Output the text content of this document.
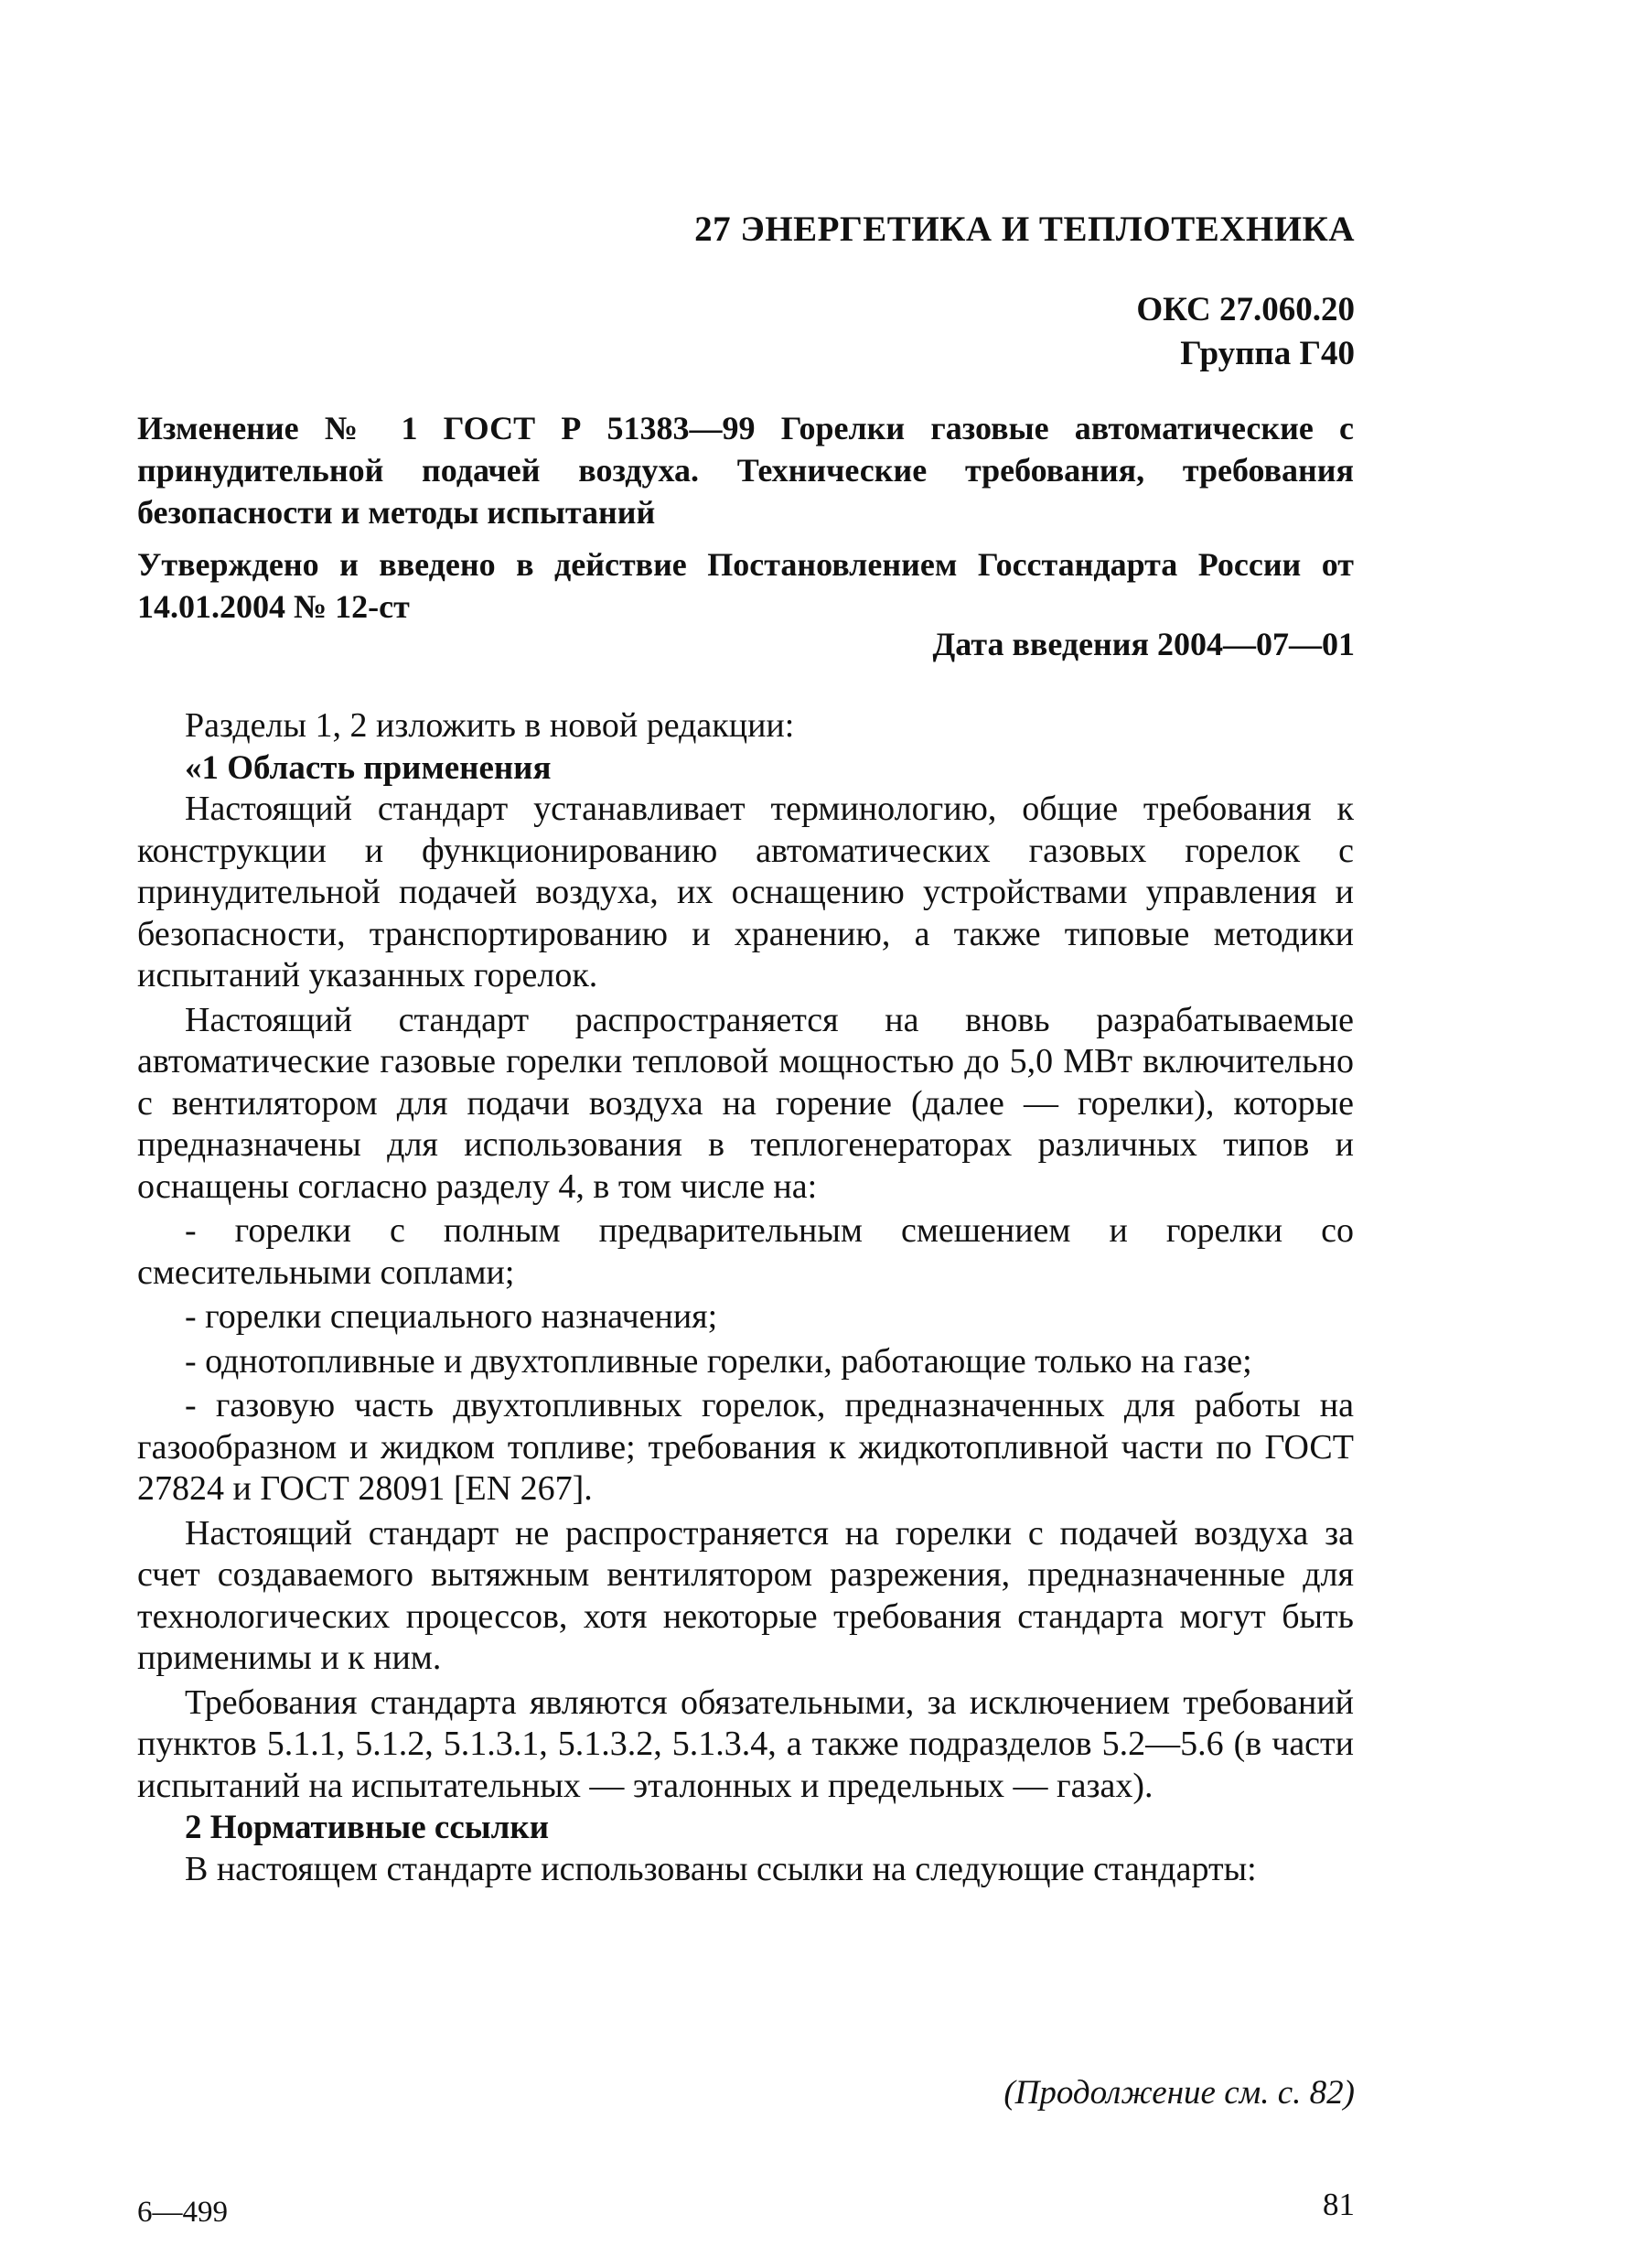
27 ЭНЕРГЕТИКА И ТЕПЛОТЕХНИКА
ОКС 27.060.20
Группа Г40
Изменение № 1 ГОСТ Р 51383—99 Горелки газовые автоматические с принудительной подачей воздуха. Технические требования, требования безопасности и методы испытаний
Утверждено и введено в действие Постановлением Госстандарта России от 14.01.2004 № 12-ст
Дата введения 2004—07—01

Разделы 1, 2 изложить в новой редакции:

«1 Область применения

Настоящий стандарт устанавливает терминологию, общие требования к конструкции и функционированию автоматических газовых горелок с принудительной подачей воздуха, их оснащению устройствами управления и безопасности, транспортированию и хранению, а также типовые методики испытаний указанных горелок.

Настоящий стандарт распространяется на вновь разрабатываемые автоматические газовые горелки тепловой мощностью до 5,0 МВт включительно с вентилятором для подачи воздуха на горение (далее — горелки), которые предназначены для использования в теплогенераторах различных типов и оснащены согласно разделу 4, в том числе на:

- горелки с полным предварительным смешением и горелки со смесительными соплами;

- горелки специального назначения;

- однотопливные и двухтопливные горелки, работающие только на газе;

- газовую часть двухтопливных горелок, предназначенных для работы на газообразном и жидком топливе; требования к жидкотопливной части по ГОСТ 27824 и ГОСТ 28091 [EN 267].

Настоящий стандарт не распространяется на горелки с подачей воздуха за счет создаваемого вытяжным вентилятором разрежения, предназначенные для технологических процессов, хотя некоторые требования стандарта могут быть применимы и к ним.

Требования стандарта являются обязательными, за исключением требований пунктов 5.1.1, 5.1.2, 5.1.3.1, 5.1.3.2, 5.1.3.4, а также подразделов 5.2—5.6 (в части испытаний на испытательных — эталонных и предельных — газах).

2 Нормативные ссылки

В настоящем стандарте использованы ссылки на следующие стандарты:

(Продолжение см. с. 82)
6—499	81
